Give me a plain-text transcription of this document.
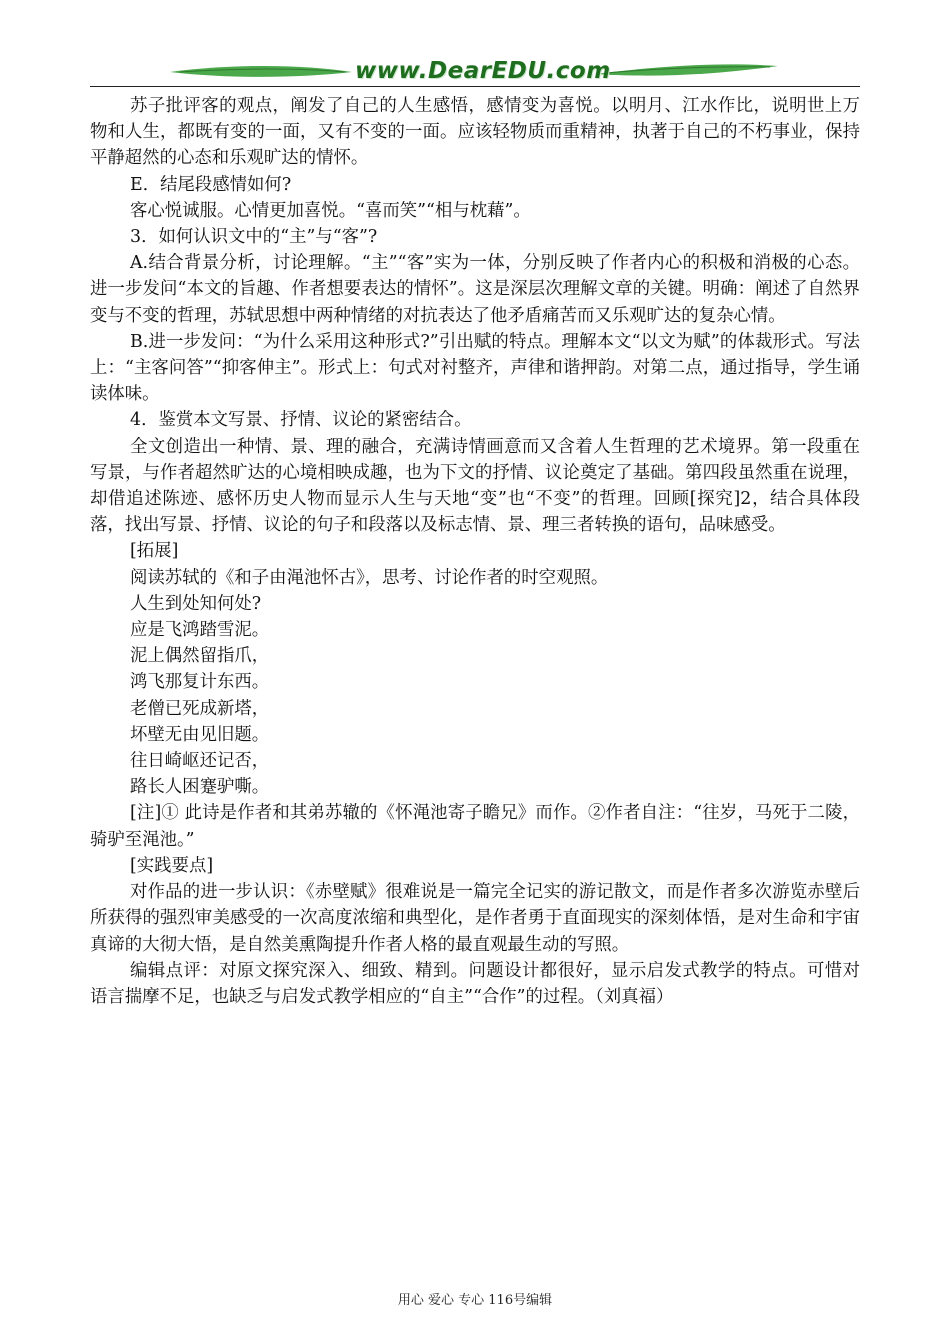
www.DearEDU.com

苏子批评客的观点，阐发了自己的人生感悟，感情变为喜悦。以明月、江水作比，说明世上万物和人生，都既有变的一面，又有不变的一面。应该轻物质而重精神，执著于自己的不朽事业，保持平静超然的心态和乐观旷达的情怀。

E．结尾段感情如何?

客心悦诚服。心情更加喜悦。“喜而笑”“相与枕藉”。

3．如何认识文中的“主”与“客”?

A.结合背景分析，讨论理解。“主”“客”实为一体，分别反映了作者内心的积极和消极的心态。进一步发问“本文的旨趣、作者想要表达的情怀”。这是深层次理解文章的关键。明确：阐述了自然界变与不变的哲理，苏轼思想中两种情绪的对抗表达了他矛盾痛苦而又乐观旷达的复杂心情。

B.进一步发问：“为什么采用这种形式?”引出赋的特点。理解本文“以文为赋”的体裁形式。写法上：“主客问答”“抑客伸主”。形式上：句式对衬整齐，声律和谐押韵。对第二点，通过指导，学生诵读体味。

4．鉴赏本文写景、抒情、议论的紧密结合。

全文创造出一种情、景、理的融合，充满诗情画意而又含着人生哲理的艺术境界。第一段重在写景，与作者超然旷达的心境相映成趣，也为下文的抒情、议论奠定了基础。第四段虽然重在说理，却借追述陈迹、感怀历史人物而显示人生与天地“变”也“不变”的哲理。回顾[探究]2，结合具体段落，找出写景、抒情、议论的句子和段落以及标志情、景、理三者转换的语句，品味感受。

[拓展]

阅读苏轼的《和子由渑池怀古》，思考、讨论作者的时空观照。

人生到处知何处?

应是飞鸿踏雪泥。

泥上偶然留指爪，

鸿飞那复计东西。

老僧已死成新塔，

坏壁无由见旧题。

往日崎岖还记否，

路长人困蹇驴嘶。

[注]① 此诗是作者和其弟苏辙的《怀渑池寄子瞻兄》而作。②作者自注：“往岁，马死于二陵，骑驴至渑池。”

[实践要点]

对作品的进一步认识：《赤壁赋》很难说是一篇完全记实的游记散文，而是作者多次游览赤壁后所获得的强烈审美感受的一次高度浓缩和典型化，是作者勇于直面现实的深刻体悟，是对生命和宇宙真谛的大彻大悟，是自然美熏陶提升作者人格的最直观最生动的写照。

编辑点评：对原文探究深入、细致、精到。问题设计都很好，显示启发式教学的特点。可惜对语言揣摩不足，也缺乏与启发式教学相应的“自主”“合作”的过程。（刘真福）

用心 爱心 专心 116号编辑
